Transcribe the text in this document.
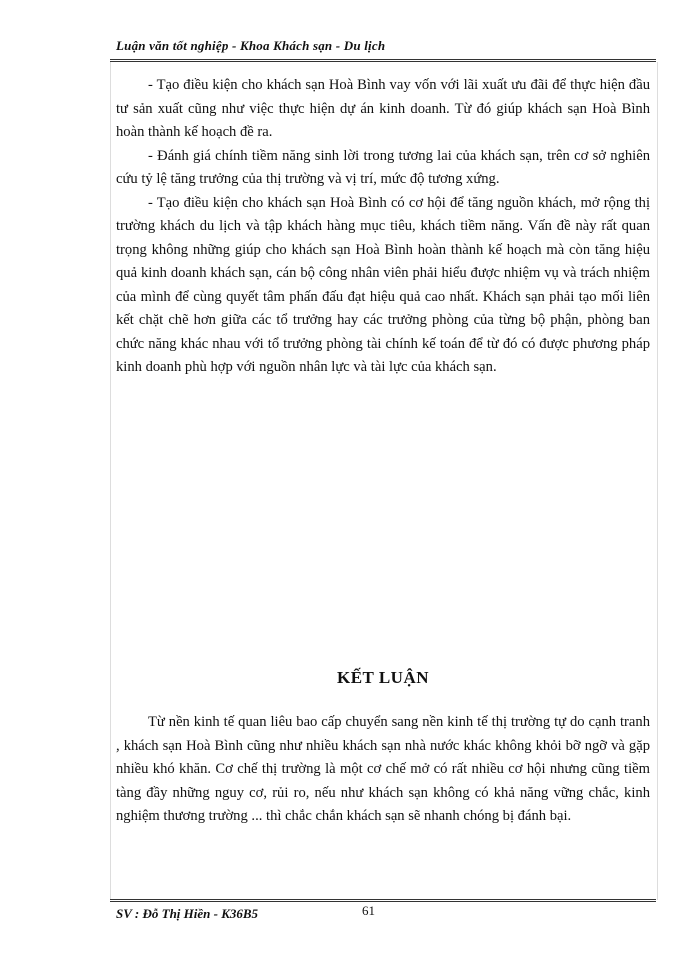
Luận văn tốt nghiệp - Khoa Khách sạn - Du lịch

- Tạo điều kiện cho khách sạn Hoà Bình vay vốn với lãi xuất ưu đãi để thực hiện đầu tư sản xuất cũng như việc thực hiện dự án kinh doanh. Từ đó giúp khách sạn Hoà Bình hoàn thành kế hoạch đề ra.

- Đánh giá chính tiềm năng sinh lời trong tương lai của khách sạn, trên cơ sở nghiên cứu tỷ lệ tăng trưởng của thị trường và vị trí, mức độ tương xứng.

- Tạo điều kiện cho khách sạn Hoà Bình có cơ hội để tăng nguồn khách, mở rộng thị trường khách du lịch và tập khách hàng mục tiêu, khách tiềm năng. Vấn đề này rất quan trọng không những giúp cho khách sạn Hoà Bình hoàn thành kế hoạch mà còn tăng hiệu quả kinh doanh khách sạn, cán bộ công nhân viên phải hiểu được nhiệm vụ và trách nhiệm của mình để cùng quyết tâm phấn đấu đạt hiệu quả cao nhất. Khách sạn phải tạo mối liên kết chặt chẽ hơn giữa các tổ trưởng hay các trưởng phòng của từng bộ phận, phòng ban chức năng khác nhau với tổ trưởng phòng tài chính kế toán để từ đó có được phương pháp kinh doanh phù hợp với nguồn nhân lực và tài lực của khách sạn.

KẾT LUẬN

Từ nền kinh tế quan liêu bao cấp chuyển sang nền kinh tế thị trường tự do cạnh tranh , khách sạn Hoà Bình cũng như nhiều khách sạn nhà nước khác không khỏi bỡ ngỡ và gặp nhiều khó khăn. Cơ chế thị trường là một cơ chế mở có rất nhiều cơ hội nhưng cũng tiềm tàng đầy những nguy cơ, rủi ro, nếu như khách sạn không có khả năng vững chắc, kinh nghiệm thương trường ... thì chắc chắn khách sạn sẽ nhanh chóng bị đánh bại.

SV : Đỗ Thị Hiền - K36B5	61
